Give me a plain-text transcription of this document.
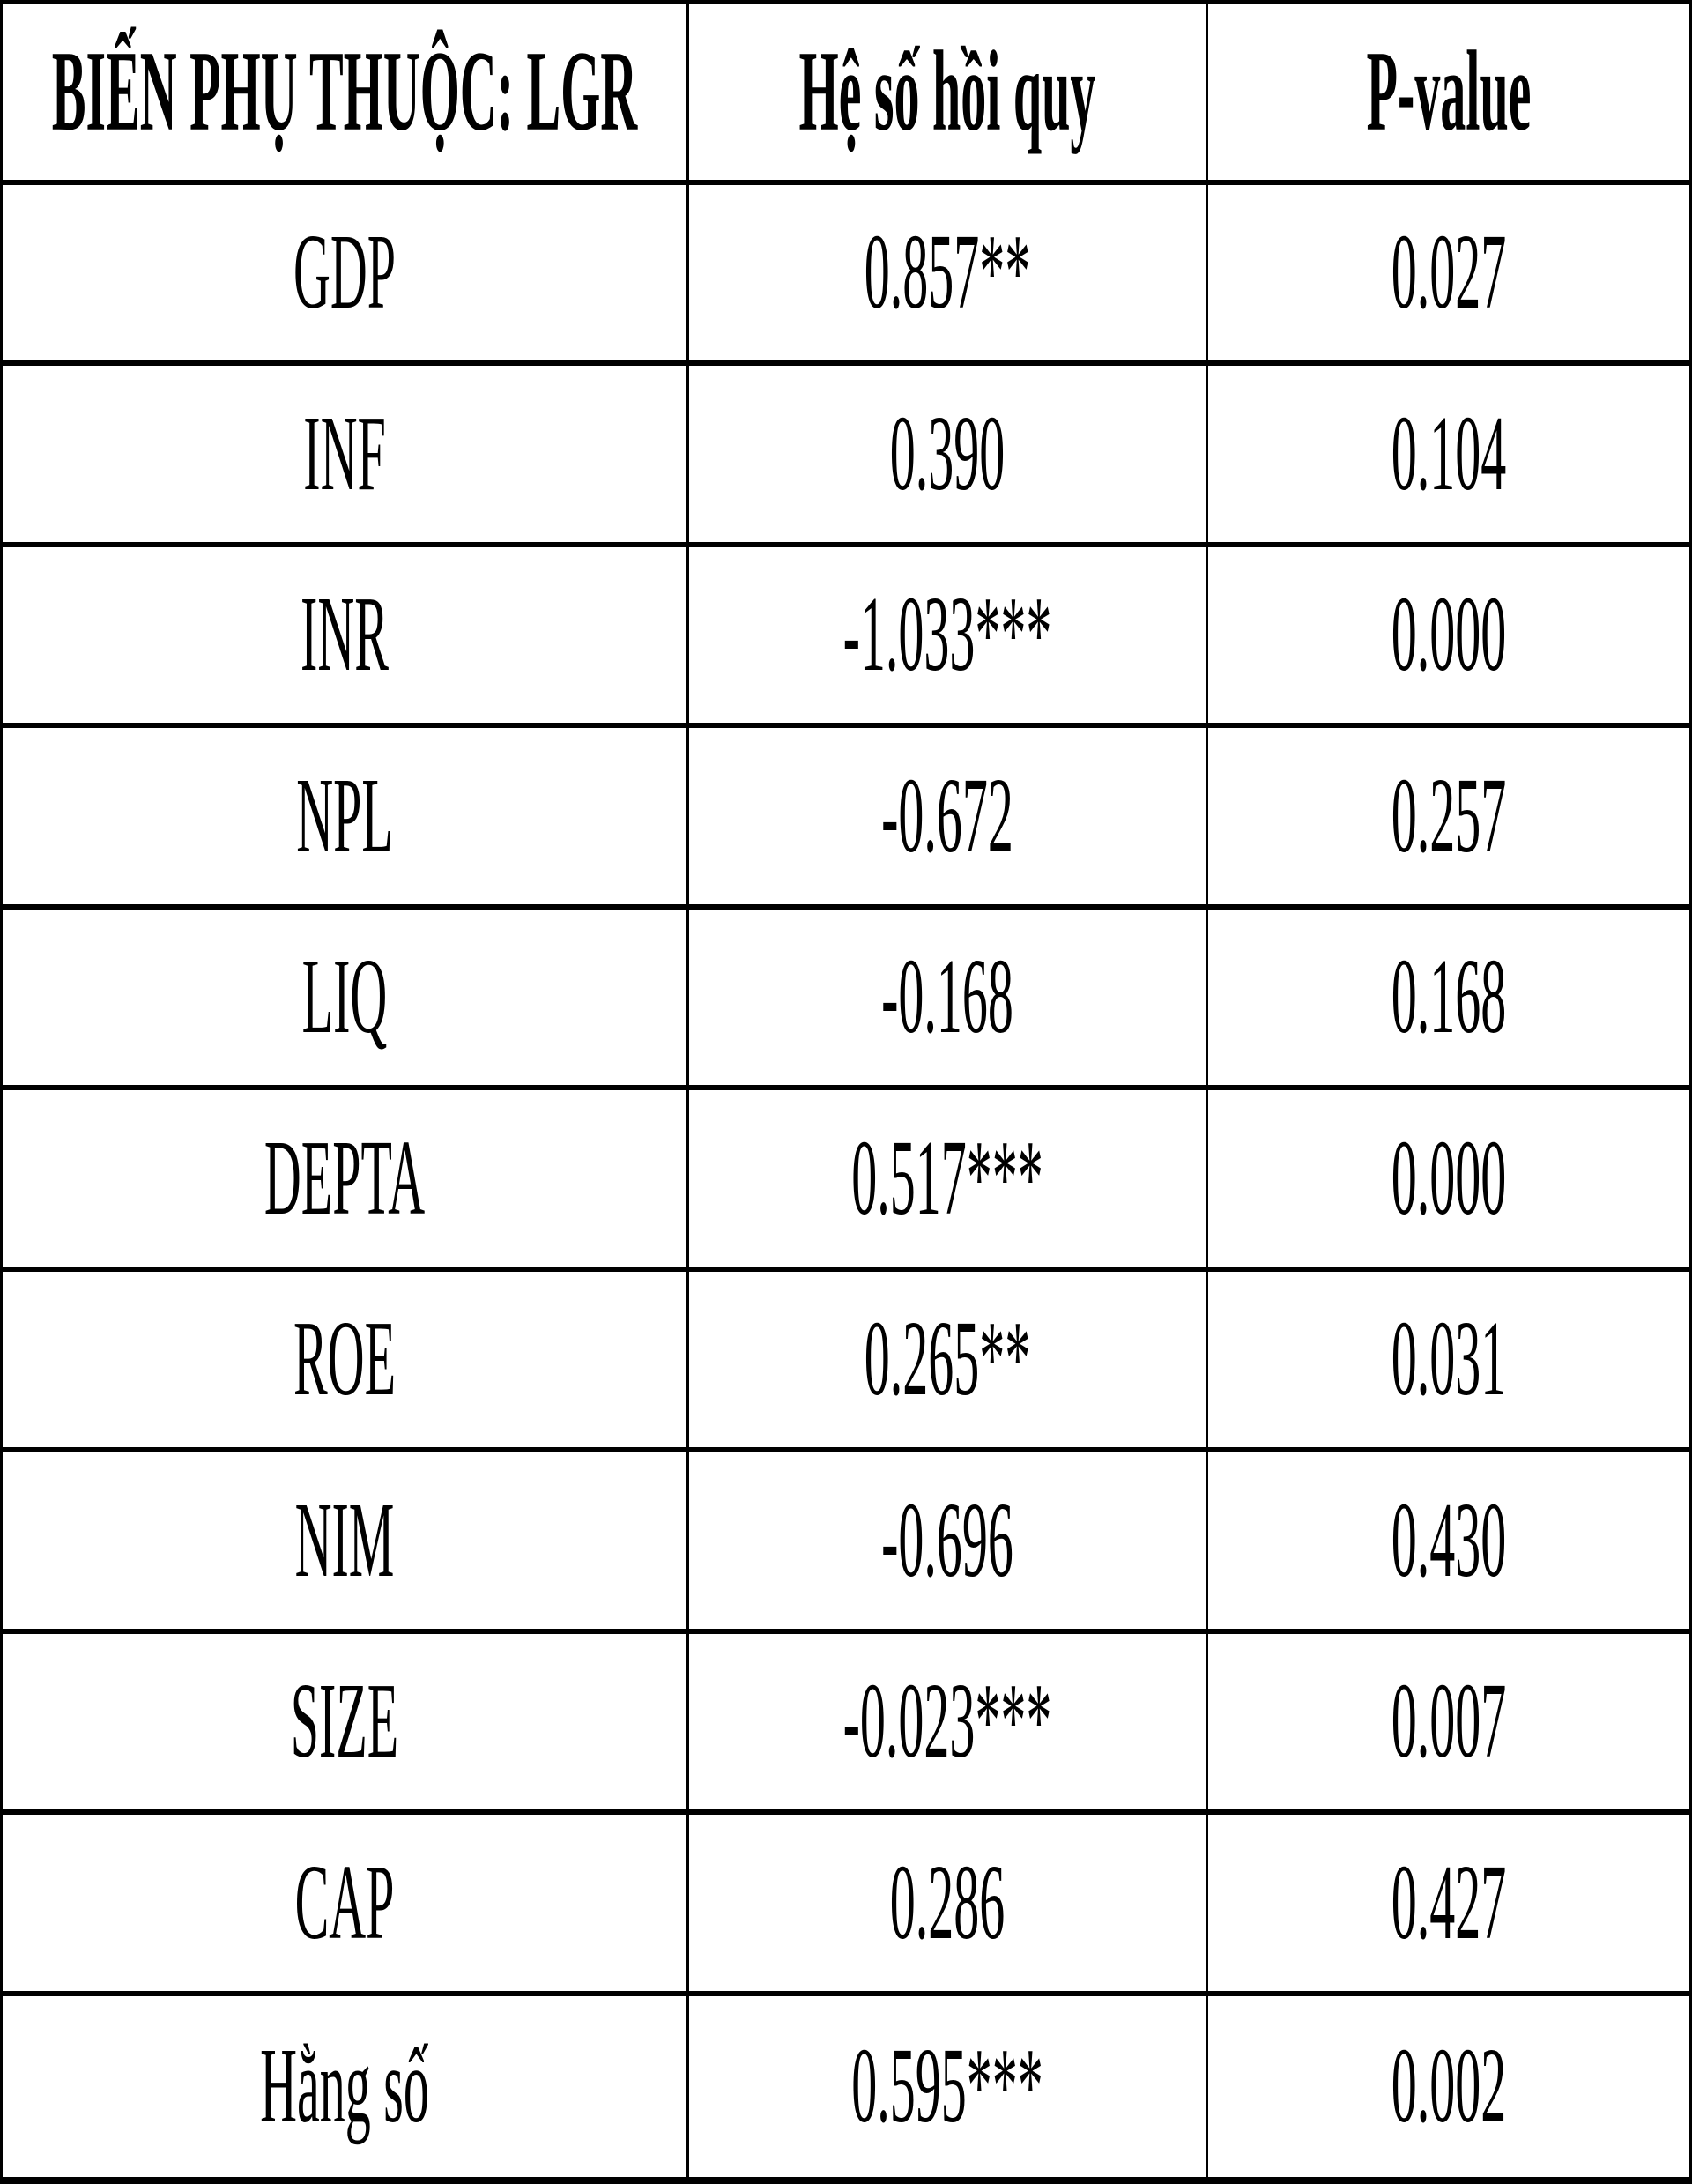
BIẾN PHỤ THUỘC: LGR	Hệ số hồi quy	P-value
GDP	0.857**	0.027
INF	0.390	0.104
INR	-1.033***	0.000
NPL	-0.672	0.257
LIQ	-0.168	0.168
DEPTA	0.517***	0.000
ROE	0.265**	0.031
NIM	-0.696	0.430
SIZE	-0.023***	0.007
CAP	0.286	0.427
Hằng số	0.595***	0.002
